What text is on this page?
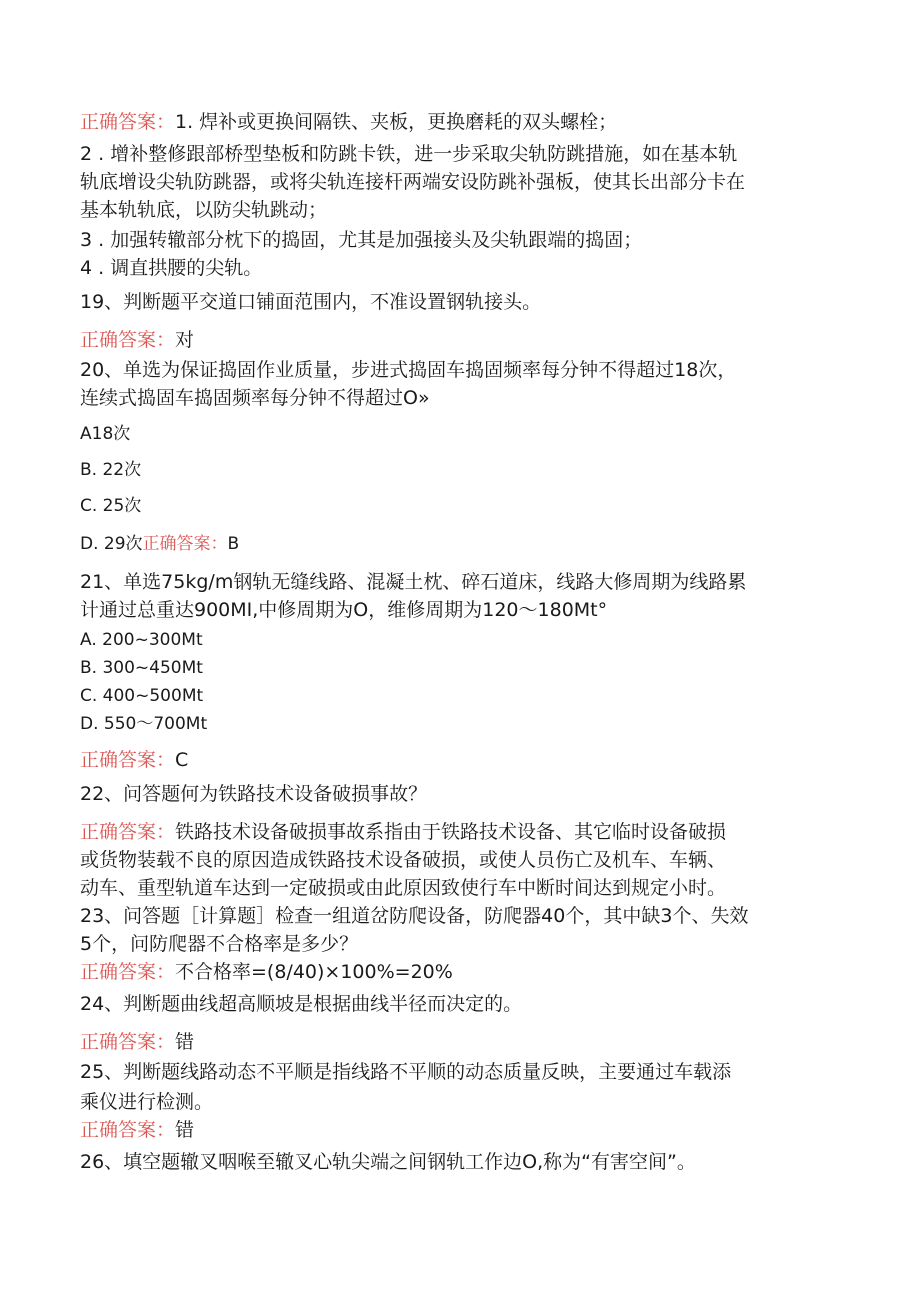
正确答案：1. 焊补或更换间隔铁、夹板，更换磨耗的双头螺栓；
2 . 增补整修跟部桥型垫板和防跳卡铁，进一步采取尖轨防跳措施，如在基本轨
轨底增设尖轨防跳器，或将尖轨连接杆两端安设防跳补强板，使其长出部分卡在
基本轨轨底，以防尖轨跳动；
3 . 加强转辙部分枕下的捣固，尤其是加强接头及尖轨跟端的捣固；
4 . 调直拱腰的尖轨。
19、判断题平交道口铺面范围内，不准设置钢轨接头。
正确答案：对
20、单选为保证捣固作业质量，步进式捣固车捣固频率每分钟不得超过18次，
连续式捣固车捣固频率每分钟不得超过O»
A18次
B. 22次
C. 25次
D. 29次正确答案：B
21、单选75kg∕m钢轨无缝线路、混凝土枕、碎石道床，线路大修周期为线路累
计通过总重达900MI,中修周期为O，维修周期为120～180Mt°
A. 200~300Mt
B. 300~450Mt
C. 400~500Mt
D. 550～700Mt
正确答案：C
22、问答题何为铁路技术设备破损事故？
正确答案：铁路技术设备破损事故系指由于铁路技术设备、其它临时设备破损
或货物装载不良的原因造成铁路技术设备破损，或使人员伤亡及机车、车辆、
动车、重型轨道车达到一定破损或由此原因致使行车中断时间达到规定小时。
23、问答题［计算题］检查一组道岔防爬设备，防爬器40个，其中缺3个、失效
5个，问防爬器不合格率是多少？
正确答案：不合格率=(8/40)×100%=20%
24、判断题曲线超高顺坡是根据曲线半径而决定的。
正确答案：错
25、判断题线路动态不平顺是指线路不平顺的动态质量反映，主要通过车载添
乘仪进行检测。
正确答案：错
26、填空题辙叉咽喉至辙叉心轨尖端之间钢轨工作边O,称为“有害空间”。
